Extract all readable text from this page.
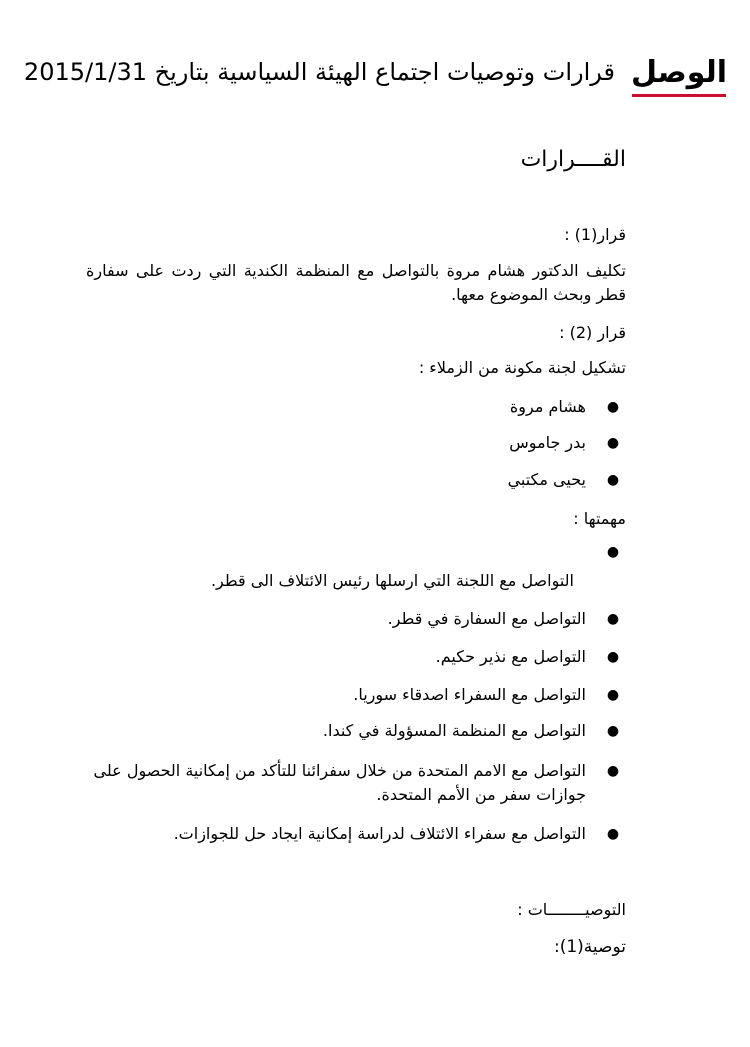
الوصل
قرارات وتوصيات اجتماع الهيئة السياسية بتاريخ 2015/1/31
القــــرارات
قرار(1) :
تكليف الدكتور هشام مروة بالتواصل مع المنظمة الكندية التي ردت على سفارة قطر وبحث الموضوع معها.
قرار (2) :
تشكيل لجنة مكونة من الزملاء :
●
هشام مروة
●
بدر جاموس
●
يحيى مكتبي
مهمتها :
●
التواصل مع اللجنة التي ارسلها رئيس الائتلاف الى قطر.
●
التواصل مع السفارة في قطر.
●
التواصل مع نذير حكيم.
●
التواصل مع السفراء اصدقاء سوريا.
●
التواصل مع المنظمة المسؤولة في كندا.
●
التواصل مع الامم المتحدة من خلال سفرائنا للتأكد من إمكانية الحصول على جوازات سفر من الأمم المتحدة.
●
التواصل مع سفراء الائتلاف لدراسة إمكانية ايجاد حل للجوازات.
التوصيــــــــات :
توصية(1):
